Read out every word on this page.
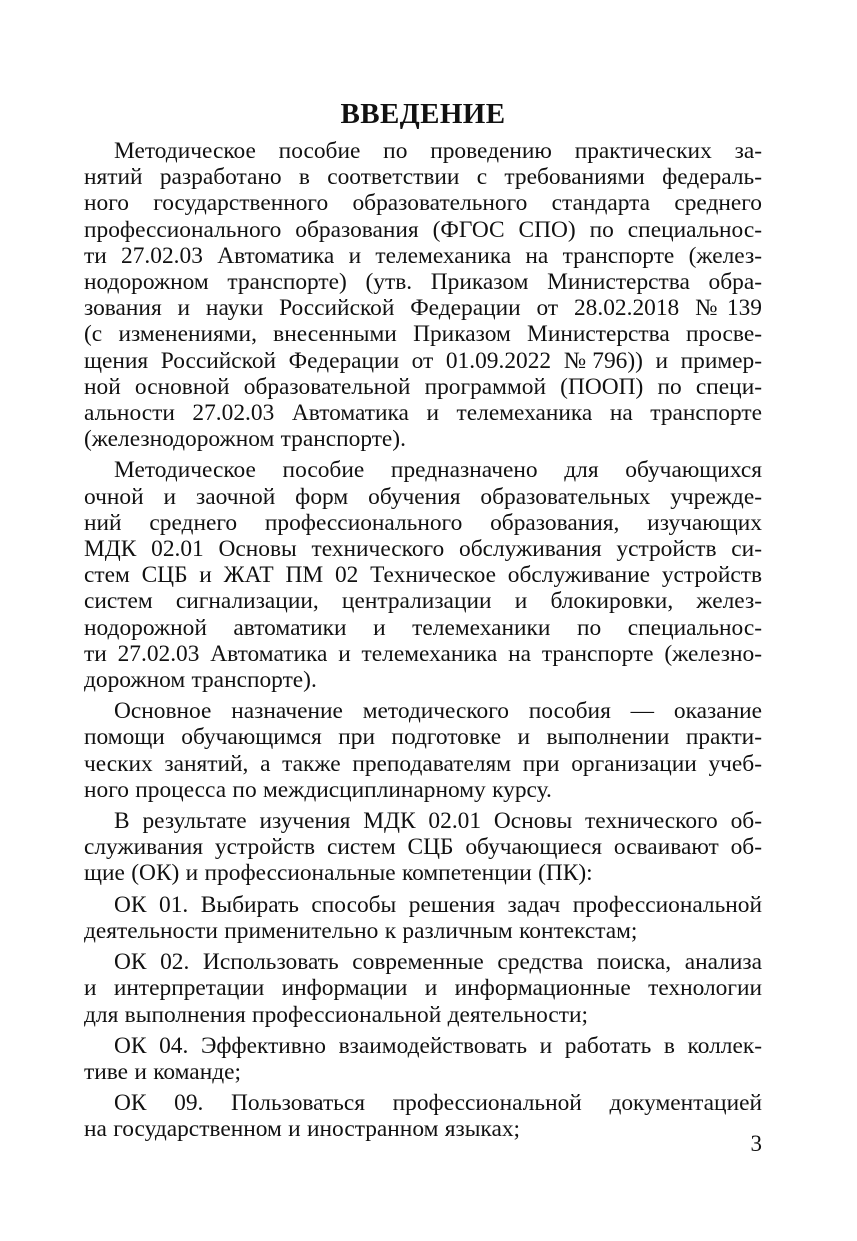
ВВЕДЕНИЕ

Методическое пособие по проведению практических за-
нятий разработано в соответствии с требованиями федераль-
ного государственного образовательного стандарта среднего
профессионального образования (ФГОС СПО) по специальнос-
ти 27.02.03 Автоматика и телемеханика на транспорте (желез-
нодорожном транспорте) (утв. Приказом Министерства обра-
зования и науки Российской Федерации от 28.02.2018 №139
(с изменениями, внесенными Приказом Министерства просве-
щения Российской Федерации от 01.09.2022 №796)) и пример-
ной основной образовательной программой (ПООП) по специ-
альности 27.02.03 Автоматика и телемеханика на транспорте
(железнодорожном транспорте).

Методическое пособие предназначено для обучающихся
очной и заочной форм обучения образовательных учрежде-
ний среднего профессионального образования, изучающих
МДК 02.01 Основы технического обслуживания устройств си-
стем СЦБ и ЖАТ ПМ 02 Техническое обслуживание устройств
систем сигнализации, централизации и блокировки, желез-
нодорожной автоматики и телемеханики по специальнос-
ти 27.02.03 Автоматика и телемеханика на транспорте (железно-
дорожном транспорте).

Основное назначение методического пособия — оказание
помощи обучающимся при подготовке и выполнении практи-
ческих занятий, а также преподавателям при организации учеб-
ного процесса по междисциплинарному курсу.

В результате изучения МДК 02.01 Основы технического об-
служивания устройств систем СЦБ обучающиеся осваивают об-
щие (ОК) и профессиональные компетенции (ПК):

ОК 01. Выбирать способы решения задач профессиональной
деятельности применительно к различным контекстам;

ОК 02. Использовать современные средства поиска, анализа
и интерпретации информации и информационные технологии
для выполнения профессиональной деятельности;

ОК 04. Эффективно взаимодействовать и работать в коллек-
тиве и команде;

ОК 09. Пользоваться профессиональной документацией
на государственном и иностранном языках;

3
